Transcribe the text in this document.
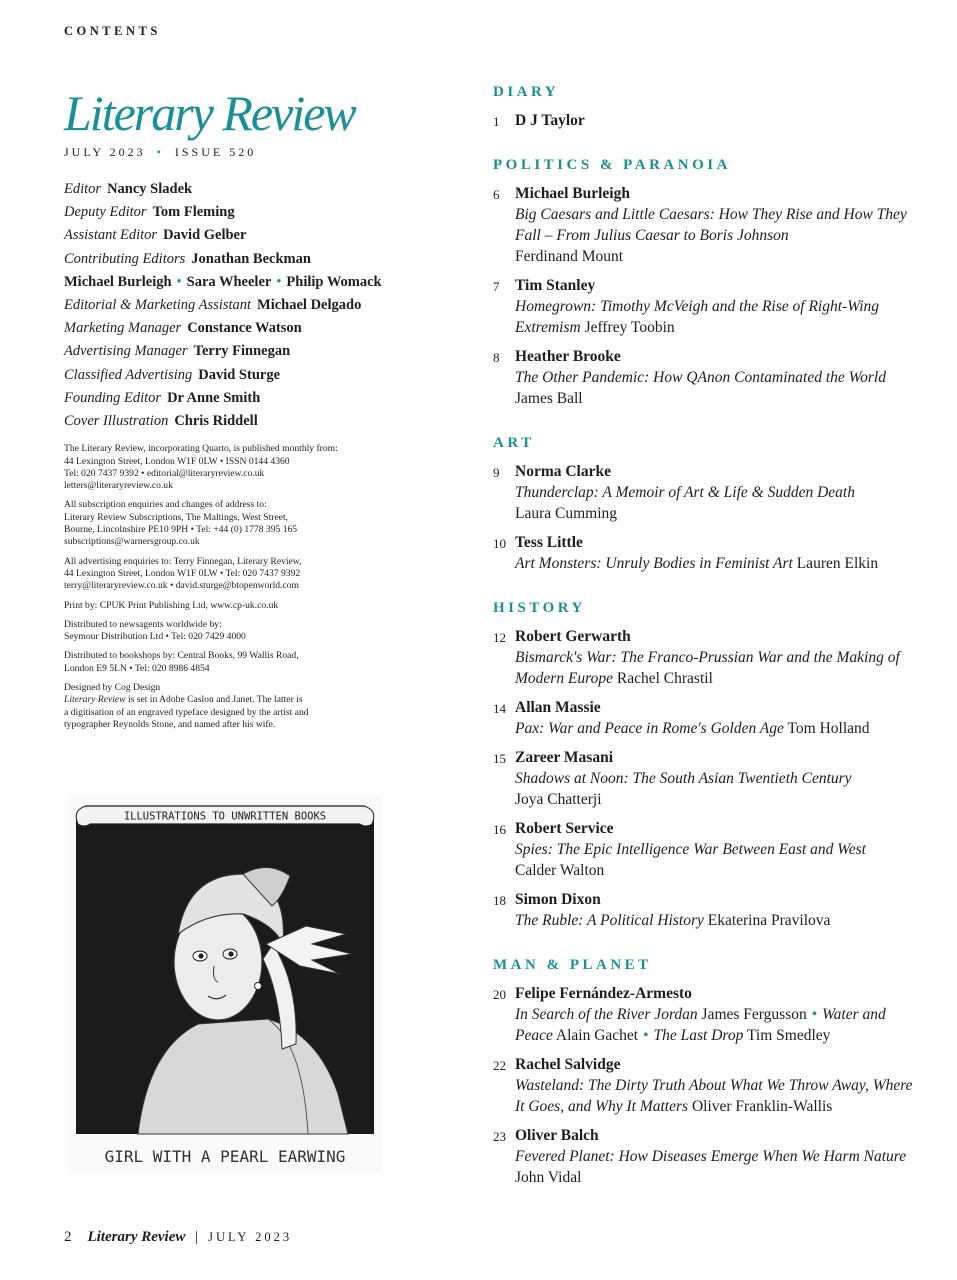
CONTENTS
Literary Review
JULY 2023 • ISSUE 520
Editor Nancy Sladek
Deputy Editor Tom Fleming
Assistant Editor David Gelber
Contributing Editors Jonathan Beckman
Michael Burleigh • Sara Wheeler • Philip Womack
Editorial & Marketing Assistant Michael Delgado
Marketing Manager Constance Watson
Advertising Manager Terry Finnegan
Classified Advertising David Sturge
Founding Editor Dr Anne Smith
Cover Illustration Chris Riddell

The Literary Review, incorporating Quarto, is published monthly from:
44 Lexington Street, London W1F 0LW • ISSN 0144 4360
Tel: 020 7437 9392 • editorial@literaryreview.co.uk
letters@literaryreview.co.uk

All subscription enquiries and changes of address to:
Literary Review Subscriptions, The Maltings, West Street,
Bourne, Lincolnshire PE10 9PH • Tel: +44 (0) 1778 395 165
subscriptions@warnersgroup.co.uk

All advertising enquiries to: Terry Finnegan, Literary Review,
44 Lexington Street, London W1F 0LW • Tel: 020 7437 9392
terry@literaryreview.co.uk • david.sturge@btopenworld.com

Print by: CPUK Print Publishing Ltd, www.cp-uk.co.uk

Distributed to newsagents worldwide by:
Seymour Distribution Ltd • Tel: 020 7429 4000

Distributed to bookshops by: Central Books, 99 Wallis Road,
London E9 5LN • Tel: 020 8986 4854

Designed by Cog Design
Literary Review is set in Adobe Caslon and Janet. The latter is
a digitisation of an engraved typeface designed by the artist and
typographer Reynolds Stone, and named after his wife.

ILLUSTRATIONS TO UNWRITTEN BOOKS
GIRL WITH A PEARL EARWING
DIARY
1 D J Taylor
POLITICS & PARANOIA
6 Michael Burleigh
Big Caesars and Little Caesars: How They Rise and How They Fall – From Julius Caesar to Boris Johnson
Ferdinand Mount
7 Tim Stanley
Homegrown: Timothy McVeigh and the Rise of Right-Wing Extremism Jeffrey Toobin
8 Heather Brooke
The Other Pandemic: How QAnon Contaminated the World
James Ball
ART
9 Norma Clarke
Thunderclap: A Memoir of Art & Life & Sudden Death
Laura Cumming
10 Tess Little
Art Monsters: Unruly Bodies in Feminist Art Lauren Elkin
HISTORY
12 Robert Gerwarth
Bismarck's War: The Franco-Prussian War and the Making of Modern Europe Rachel Chrastil
14 Allan Massie
Pax: War and Peace in Rome's Golden Age Tom Holland
15 Zareer Masani
Shadows at Noon: The South Asian Twentieth Century
Joya Chatterji
16 Robert Service
Spies: The Epic Intelligence War Between East and West
Calder Walton
18 Simon Dixon
The Ruble: A Political History Ekaterina Pravilova
MAN & PLANET
20 Felipe Fernández-Armesto
In Search of the River Jordan James Fergusson • Water and Peace Alain Gachet • The Last Drop Tim Smedley
22 Rachel Salvidge
Wasteland: The Dirty Truth About What We Throw Away, Where It Goes, and Why It Matters Oliver Franklin-Wallis
23 Oliver Balch
Fevered Planet: How Diseases Emerge When We Harm Nature
John Vidal
2 Literary Review | JULY 2023
